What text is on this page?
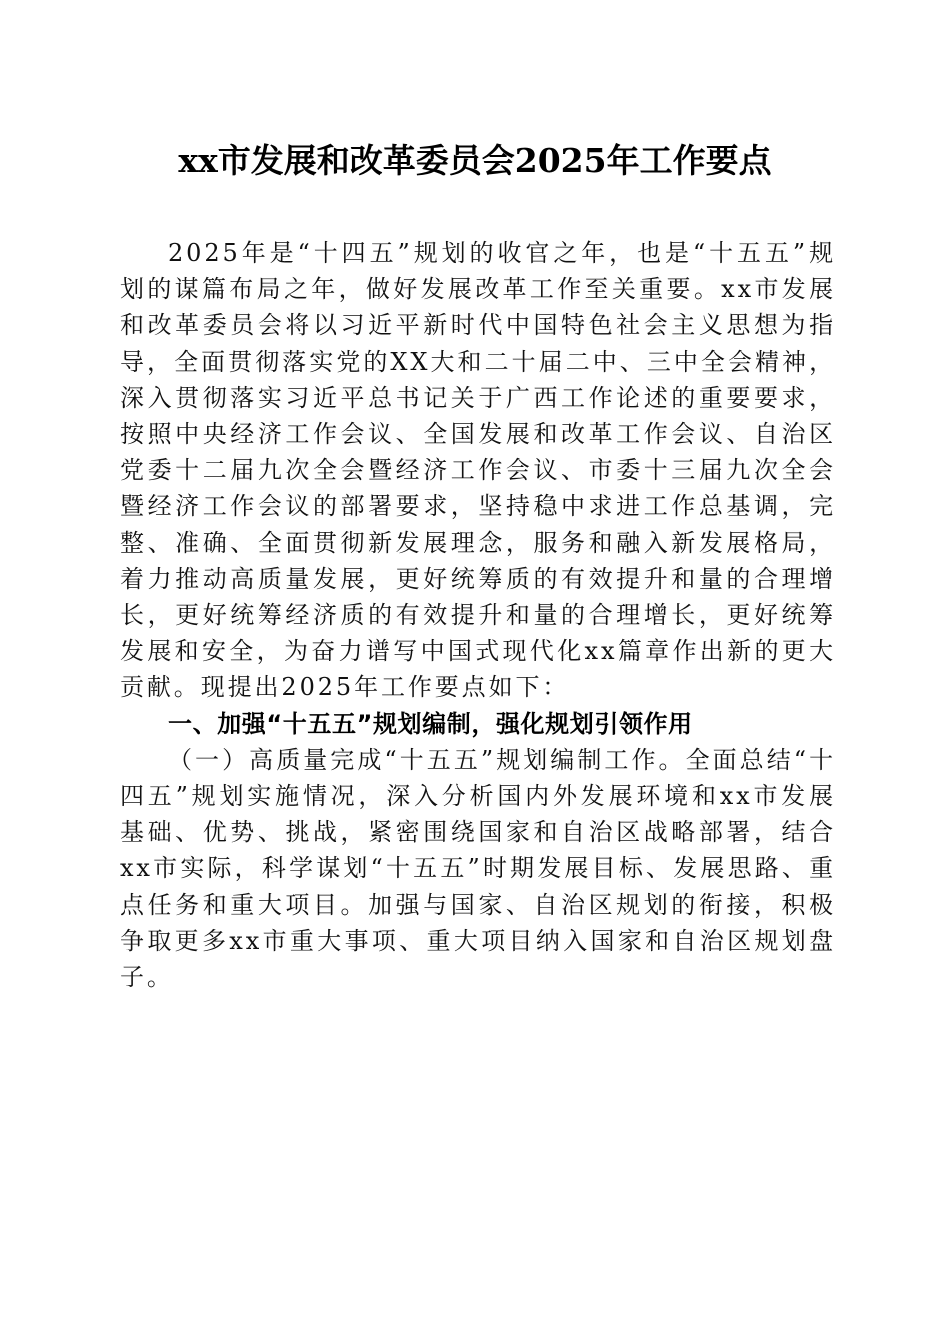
xx市发展和改革委员会2025年工作要点

2025年是“十四五”规划的收官之年，也是“十五五”规划的谋篇布局之年，做好发展改革工作至关重要。xx市发展和改革委员会将以习近平新时代中国特色社会主义思想为指导，全面贯彻落实党的XX大和二十届二中、三中全会精神，深入贯彻落实习近平总书记关于广西工作论述的重要要求，按照中央经济工作会议、全国发展和改革工作会议、自治区党委十二届九次全会暨经济工作会议、市委十三届九次全会暨经济工作会议的部署要求，坚持稳中求进工作总基调，完整、准确、全面贯彻新发展理念，服务和融入新发展格局，着力推动高质量发展，更好统筹质的有效提升和量的合理增长，更好统筹经济质的有效提升和量的合理增长，更好统筹发展和安全，为奋力谱写中国式现代化xx篇章作出新的更大贡献。现提出2025年工作要点如下：

一、加强“十五五”规划编制，强化规划引领作用

（一）高质量完成“十五五”规划编制工作。全面总结“十四五”规划实施情况，深入分析国内外发展环境和xx市发展基础、优势、挑战，紧密围绕国家和自治区战略部署，结合xx市实际，科学谋划“十五五”时期发展目标、发展思路、重点任务和重大项目。加强与国家、自治区规划的衔接，积极争取更多xx市重大事项、重大项目纳入国家和自治区规划盘子。
